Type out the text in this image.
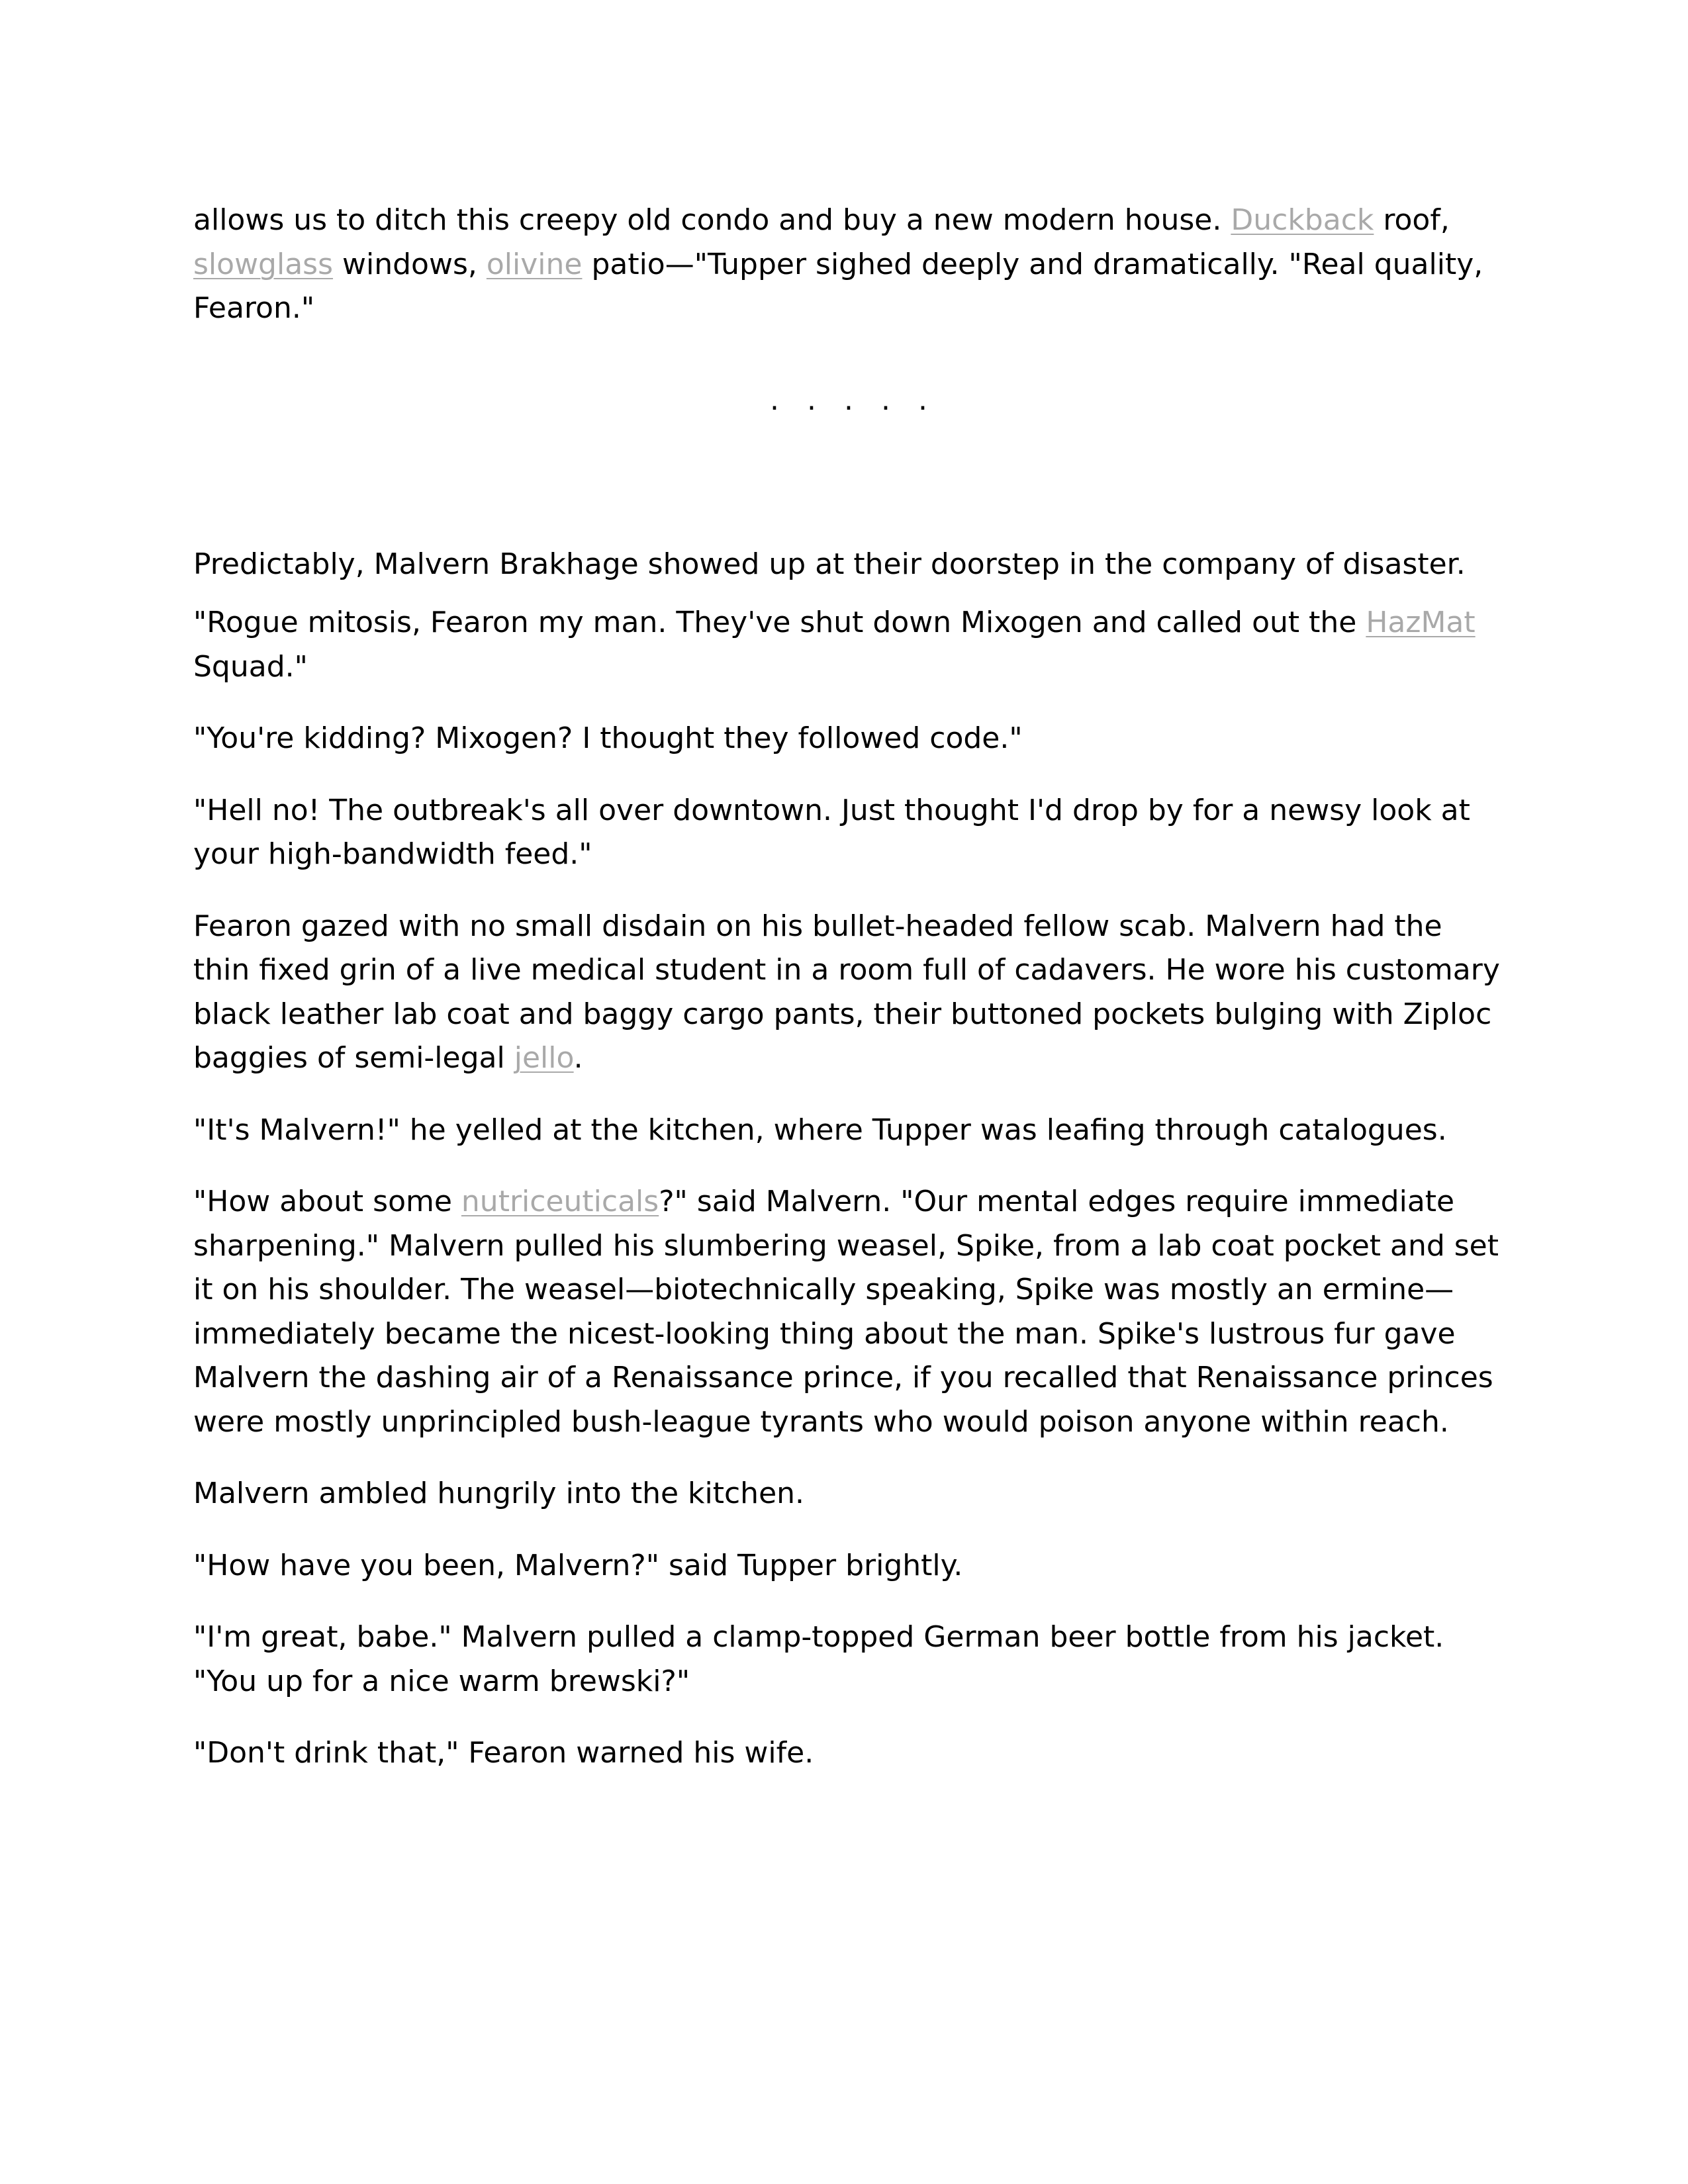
allows us to ditch this creepy old condo and buy a new modern house. Duckback roof, slowglass windows, olivine patio—"Tupper sighed deeply and dramatically. "Real quality, Fearon."

. . . . .

Predictably, Malvern Brakhage showed up at their doorstep in the company of disaster.

"Rogue mitosis, Fearon my man. They've shut down Mixogen and called out the HazMat Squad."

"You're kidding? Mixogen? I thought they followed code."

"Hell no! The outbreak's all over downtown. Just thought I'd drop by for a newsy look at your high-bandwidth feed."

Fearon gazed with no small disdain on his bullet-headed fellow scab. Malvern had the thin fixed grin of a live medical student in a room full of cadavers. He wore his customary black leather lab coat and baggy cargo pants, their buttoned pockets bulging with Ziploc baggies of semi-legal jello.

"It's Malvern!" he yelled at the kitchen, where Tupper was leafing through catalogues.

"How about some nutriceuticals?" said Malvern. "Our mental edges require immediate sharpening." Malvern pulled his slumbering weasel, Spike, from a lab coat pocket and set it on his shoulder. The weasel—biotechnically speaking, Spike was mostly an ermine—immediately became the nicest-looking thing about the man. Spike's lustrous fur gave Malvern the dashing air of a Renaissance prince, if you recalled that Renaissance princes were mostly unprincipled bush-league tyrants who would poison anyone within reach.

Malvern ambled hungrily into the kitchen.

"How have you been, Malvern?" said Tupper brightly.

"I'm great, babe." Malvern pulled a clamp-topped German beer bottle from his jacket. "You up for a nice warm brewski?"

"Don't drink that," Fearon warned his wife.
